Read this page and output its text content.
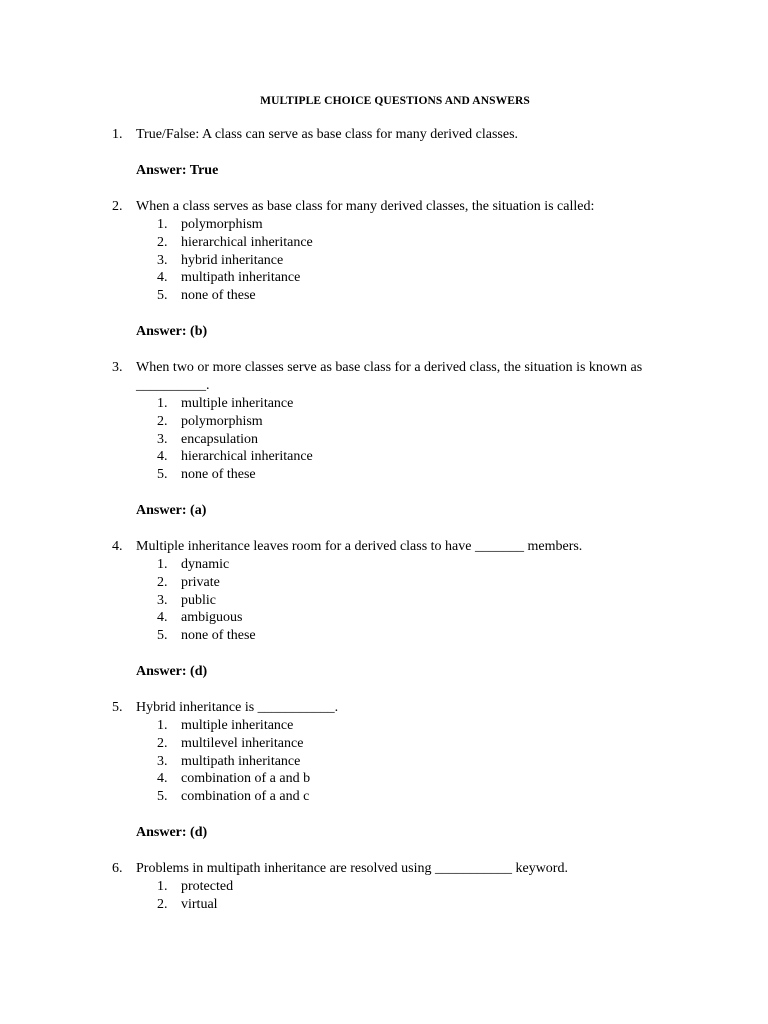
MULTIPLE CHOICE QUESTIONS AND ANSWERS
1. True/False: A class can serve as base class for many derived classes.
Answer: True
2. When a class serves as base class for many derived classes, the situation is called:
1. polymorphism
2. hierarchical inheritance
3. hybrid inheritance
4. multipath inheritance
5. none of these
Answer: (b)
3. When two or more classes serve as base class for a derived class, the situation is known as __________.
1. multiple inheritance
2. polymorphism
3. encapsulation
4. hierarchical inheritance
5. none of these
Answer: (a)
4. Multiple inheritance leaves room for a derived class to have _______ members.
1. dynamic
2. private
3. public
4. ambiguous
5. none of these
Answer: (d)
5. Hybrid inheritance is ___________.
1. multiple inheritance
2. multilevel inheritance
3. multipath inheritance
4. combination of a and b
5. combination of a and c
Answer: (d)
6. Problems in multipath inheritance are resolved using ___________ keyword.
1. protected
2. virtual
